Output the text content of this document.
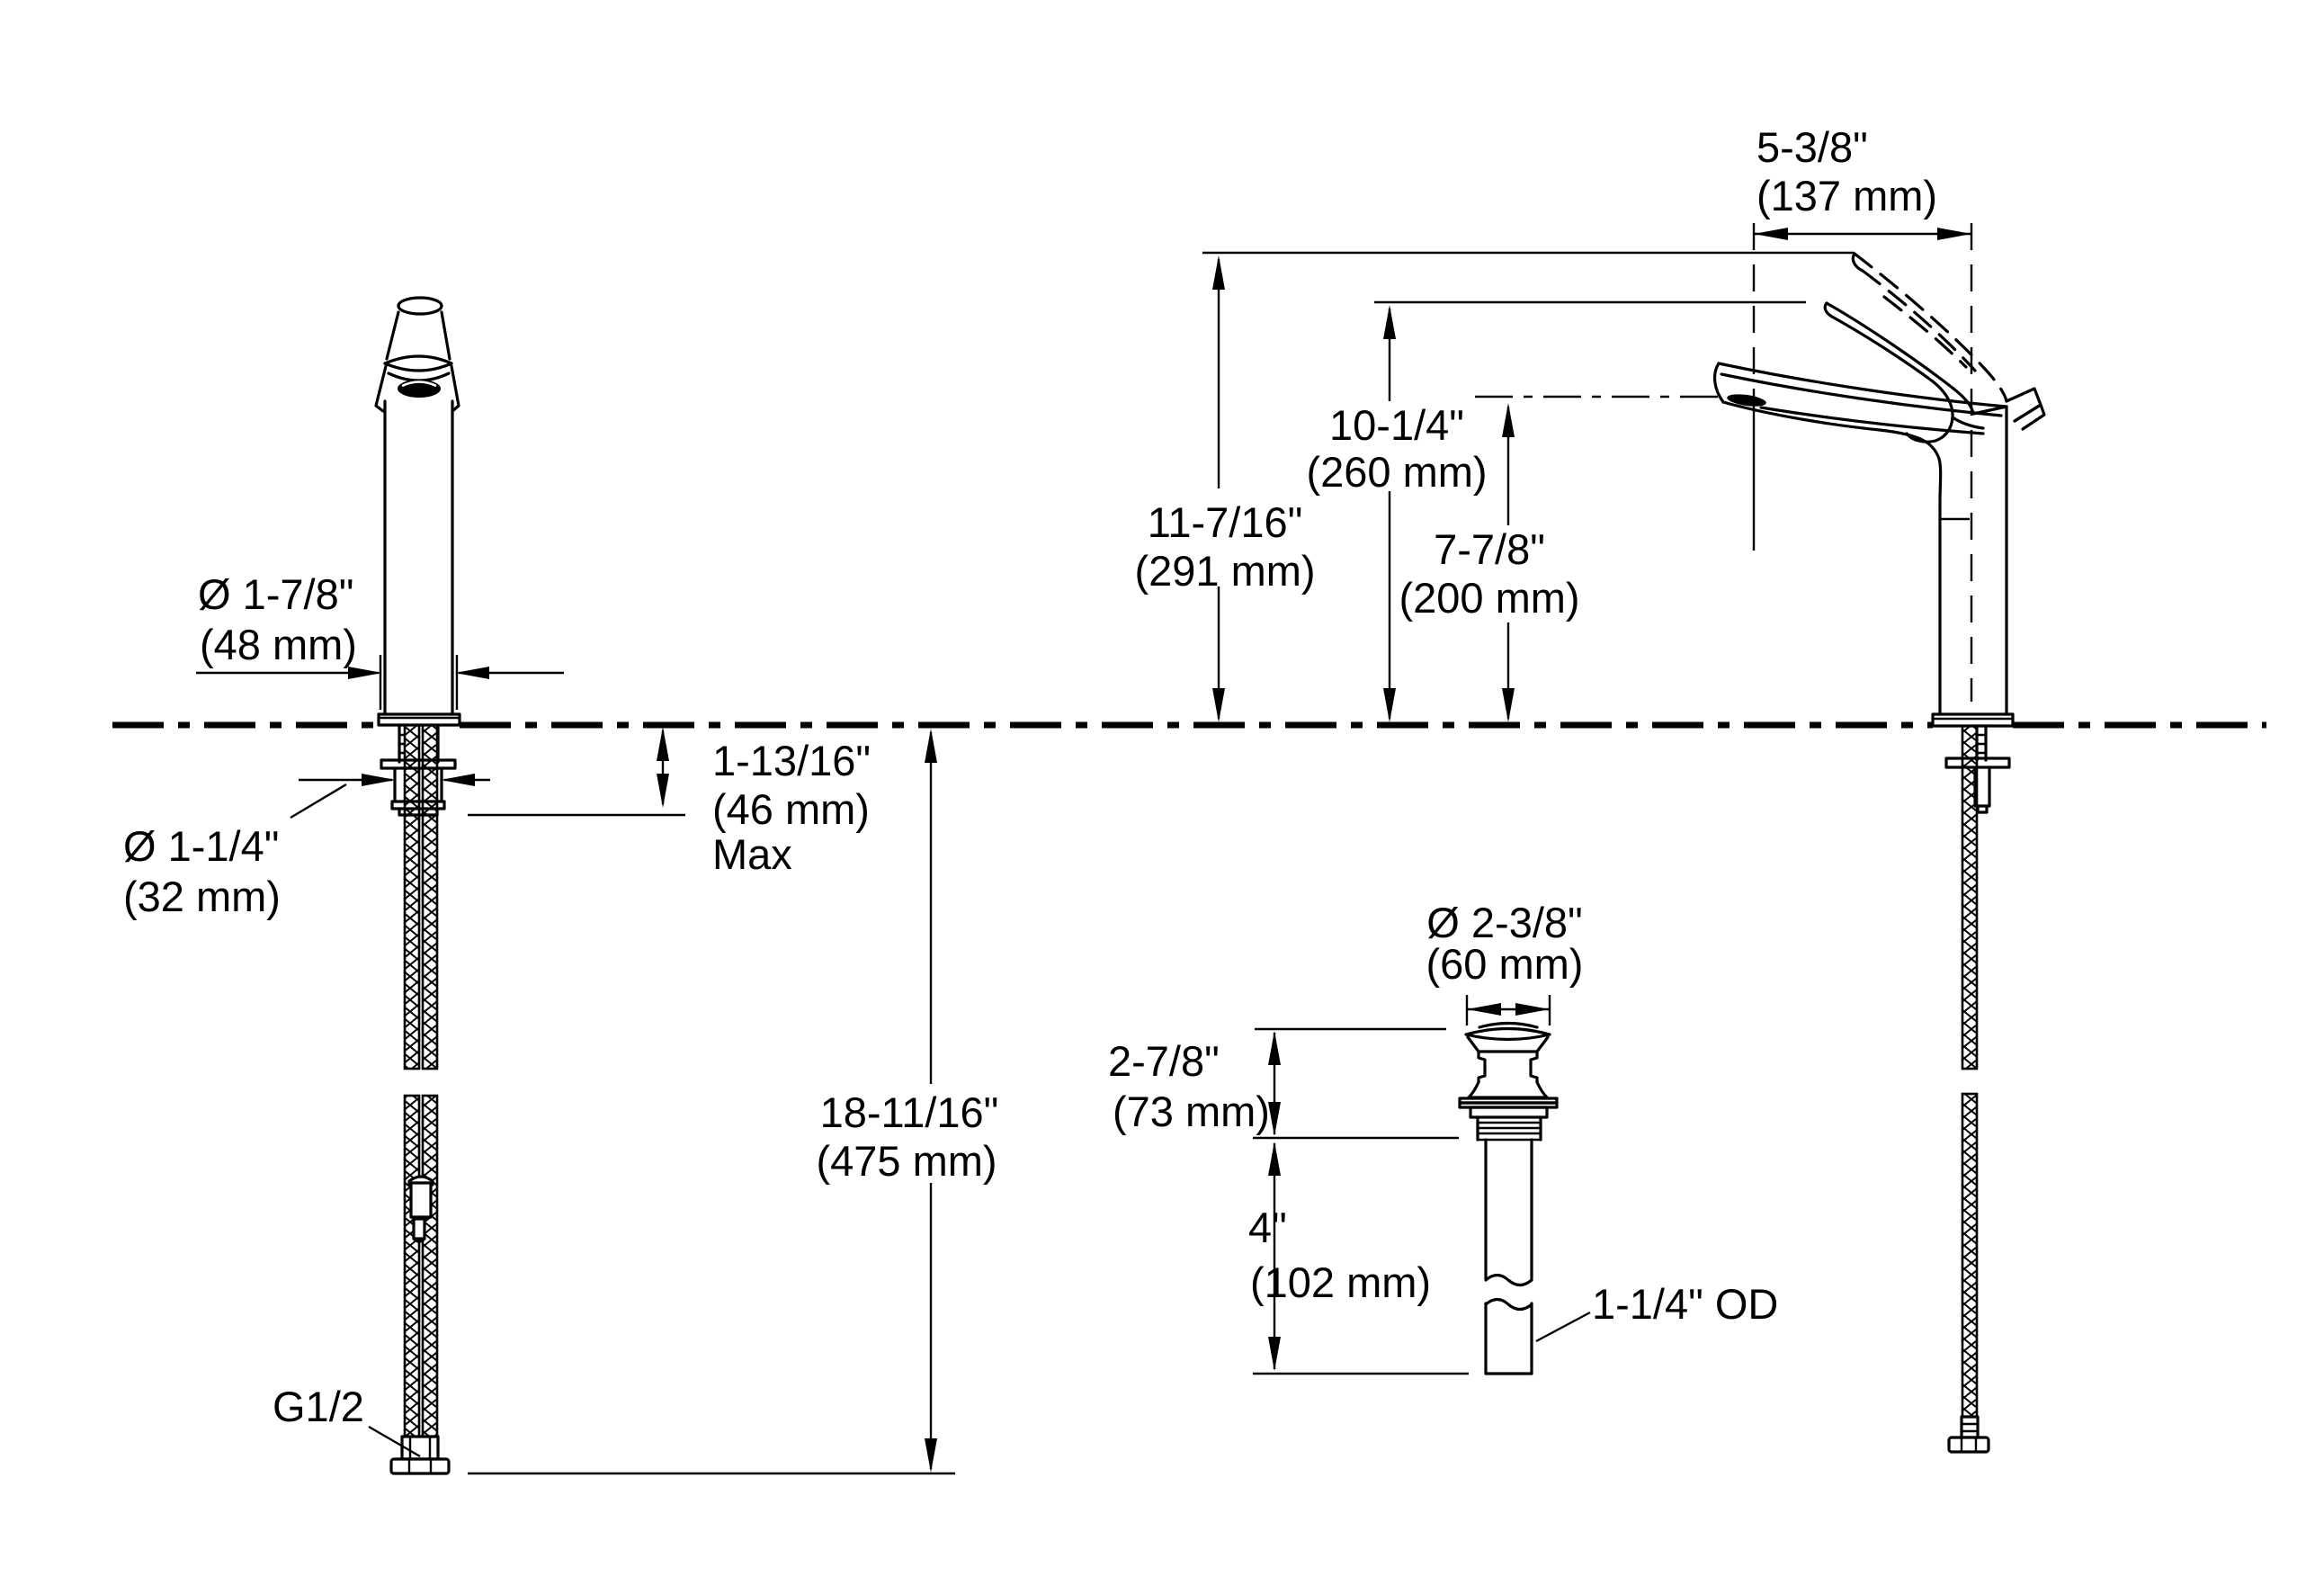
5-3/8"
(137 mm)
11-7/16"
(291 mm)
10-1/4"
(260 mm)
7-7/8"
(200 mm)
Ø 1-7/8"
(48 mm)
Ø 1-1/4"
(32 mm)
1-13/16"
(46 mm)
Max
18-11/16"
(475 mm)
Ø 2-3/8"
(60 mm)
2-7/8"
(73 mm)
4"
(102 mm)	1-1/4" OD
G1/2
